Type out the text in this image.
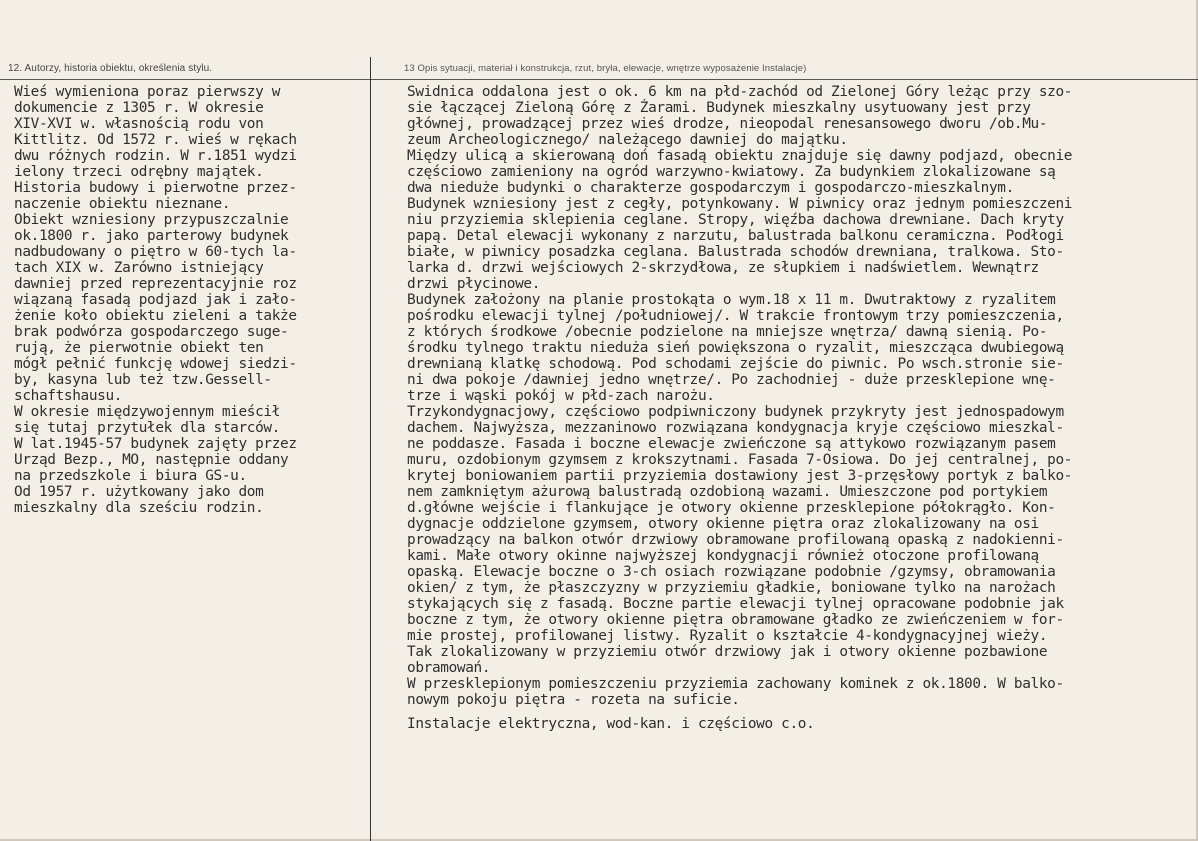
12. Autorzy, historia obiektu, określenia stylu.	13 Opis sytuacji, materiał i konstrukcja, rzut, bryła, elewacje, wnętrze wyposażenie Instalacje)
Wieś wymieniona poraz pierwszy w
dokumencie z 1305 r. W okresie
XIV-XVI w. własnością rodu von
Kittlitz. Od 1572 r. wieś w rękach
dwu różnych rodzin. W r.1851 wydzi
ielony trzeci odrębny majątek.
Historia budowy i pierwotne przez-
naczenie obiektu nieznane.
Obiekt wzniesiony przypuszczalnie
ok.1800 r. jako parterowy budynek
nadbudowany o piętro w 60-tych la-
tach XIX w. Zarówno istniejący
dawniej przed reprezentacyjnie roz
wiązaną fasadą podjazd jak i zało-
żenie koło obiektu zieleni a także
brak podwórza gospodarczego suge-
rują, że pierwotnie obiekt ten
mógł pełnić funkcję wdowej siedzi-
by, kasyna lub też tzw.Gessell-
schaftshausu.
W okresie międzywojennym mieścił
się tutaj przytułek dla starców.
W lat.1945-57 budynek zajęty przez
Urząd Bezp., MO, następnie oddany
na przedszkole i biura GS-u.
Od 1957 r. użytkowany jako dom
mieszkalny dla sześciu rodzin.
Swidnica oddalona jest o ok. 6 km na płd-zachód od Zielonej Góry leżąc przy szo-
sie łączącej Zieloną Górę z Żarami. Budynek mieszkalny usytuowany jest przy
głównej, prowadzącej przez wieś drodze, nieopodal renesansowego dworu /ob.Mu-
zeum Archeologicznego/ należącego dawniej do majątku.
Między ulicą a skierowaną doń fasadą obiektu znajduje się dawny podjazd, obecnie
częściowo zamieniony na ogród warzywno-kwiatowy. Za budynkiem zlokalizowane są
dwa nieduże budynki o charakterze gospodarczym i gospodarczo-mieszkalnym.
Budynek wzniesiony jest z cegły, potynkowany. W piwnicy oraz jednym pomieszczeni
niu przyziemia sklepienia ceglane. Stropy, więźba dachowa drewniane. Dach kryty
papą. Detal elewacji wykonany z narzutu, balustrada balkonu ceramiczna. Podłogi
białe, w piwnicy posadzka ceglana. Balustrada schodów drewniana, tralkowa. Sto-
larka d. drzwi wejściowych 2-skrzydłowa, ze słupkiem i nadświetlem. Wewnątrz
drzwi płycinowe.
Budynek założony na planie prostokąta o wym.18 x 11 m. Dwutraktowy z ryzalitem
pośrodku elewacji tylnej /południowej/. W trakcie frontowym trzy pomieszczenia,
z których środkowe /obecnie podzielone na mniejsze wnętrza/ dawną sienią. Po-
środku tylnego traktu nieduża sień powiększona o ryzalit, mieszcząca dwubiegową
drewnianą klatkę schodową. Pod schodami zejście do piwnic. Po wsch.stronie sie-
ni dwa pokoje /dawniej jedno wnętrze/. Po zachodniej - duże przesklepione wnę-
trze i wąski pokój w płd-zach narożu.
Trzykondygnacjowy, częściowo podpiwniczony budynek przykryty jest jednospadowym
dachem. Najwyższa, mezzaninowo rozwiązana kondygnacja kryje częściowo mieszkal-
ne poddasze. Fasada i boczne elewacje zwieńczone są attykowo rozwiązanym pasem
muru, ozdobionym gzymsem z krokszytnami. Fasada 7-Osiowa. Do jej centralnej, po-
krytej boniowaniem partii przyziemia dostawiony jest 3-przęsłowy portyk z balko-
nem zamkniętym ażurową balustradą ozdobioną wazami. Umieszczone pod portykiem
d.główne wejście i flankujące je otwory okienne przesklepione półokrągło. Kon-
dygnacje oddzielone gzymsem, otwory okienne piętra oraz zlokalizowany na osi
prowadzący na balkon otwór drzwiowy obramowane profilowaną opaską z nadokienni-
kami. Małe otwory okinne najwyższej kondygnacji również otoczone profilowaną
opaską. Elewacje boczne o 3-ch osiach rozwiązane podobnie /gzymsy, obramowania
okien/ z tym, że płaszczyzny w przyziemiu gładkie, boniowane tylko na narożach
stykających się z fasadą. Boczne partie elewacji tylnej opracowane podobnie jak
boczne z tym, że otwory okienne piętra obramowane gładko ze zwieńczeniem w for-
mie prostej, profilowanej listwy. Ryzalit o kształcie 4-kondygnacyjnej wieży.
Tak zlokalizowany w przyziemiu otwór drzwiowy jak i otwory okienne pozbawione
obramowań.
W przesklepionym pomieszczeniu przyziemia zachowany kominek z ok.1800. W balko-
nowym pokoju piętra - rozeta na suficie.
Instalacje elektryczna, wod-kan. i częściowo c.o.
